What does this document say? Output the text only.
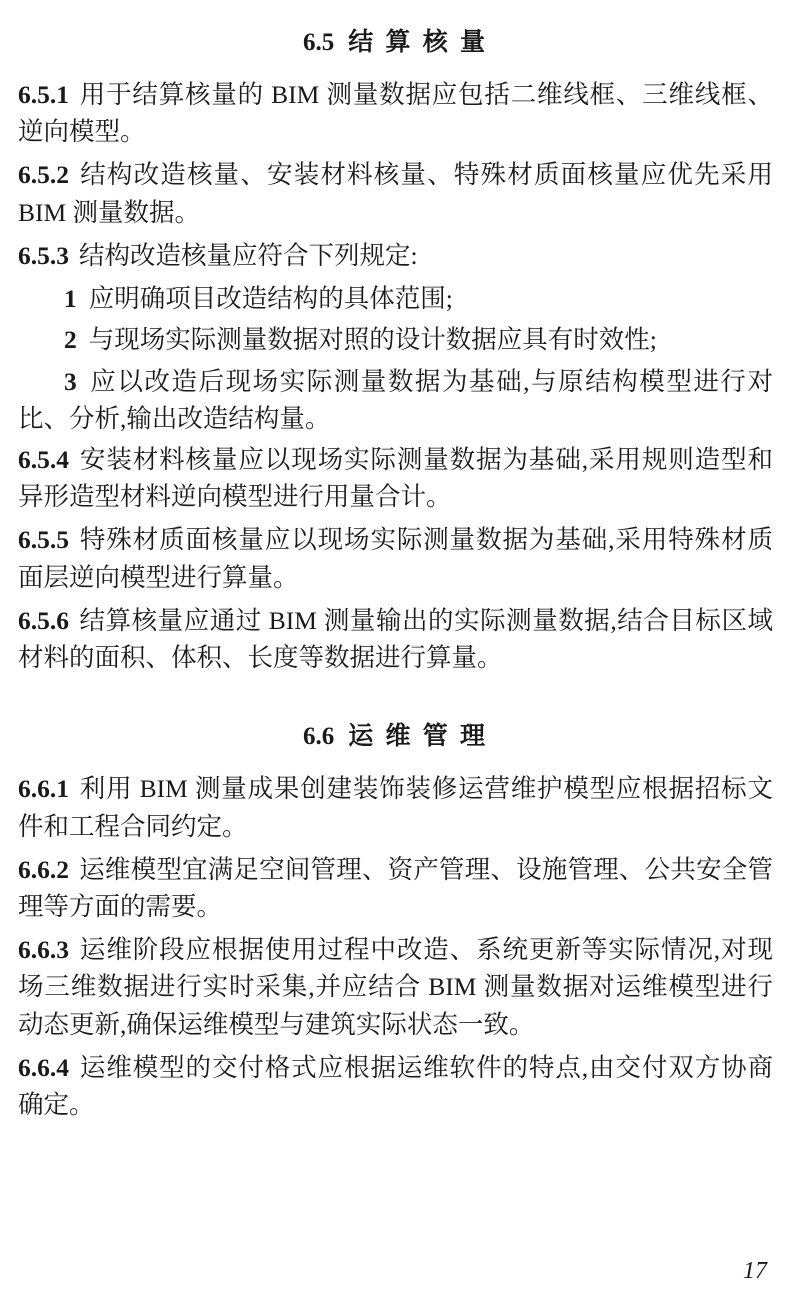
6.5 结 算 核 量

6.5.1 用于结算核量的 BIM 测量数据应包括二维线框、三维线框、逆向模型。

6.5.2 结构改造核量、安装材料核量、特殊材质面核量应优先采用 BIM 测量数据。

6.5.3 结构改造核量应符合下列规定:

1 应明确项目改造结构的具体范围;

2 与现场实际测量数据对照的设计数据应具有时效性;

3 应以改造后现场实际测量数据为基础,与原结构模型进行对比、分析,输出改造结构量。

6.5.4 安装材料核量应以现场实际测量数据为基础,采用规则造型和异形造型材料逆向模型进行用量合计。

6.5.5 特殊材质面核量应以现场实际测量数据为基础,采用特殊材质面层逆向模型进行算量。

6.5.6 结算核量应通过 BIM 测量输出的实际测量数据,结合目标区域材料的面积、体积、长度等数据进行算量。

6.6 运 维 管 理

6.6.1 利用 BIM 测量成果创建装饰装修运营维护模型应根据招标文件和工程合同约定。

6.6.2 运维模型宜满足空间管理、资产管理、设施管理、公共安全管理等方面的需要。

6.6.3 运维阶段应根据使用过程中改造、系统更新等实际情况,对现场三维数据进行实时采集,并应结合 BIM 测量数据对运维模型进行动态更新,确保运维模型与建筑实际状态一致。

6.6.4 运维模型的交付格式应根据运维软件的特点,由交付双方协商确定。

17
